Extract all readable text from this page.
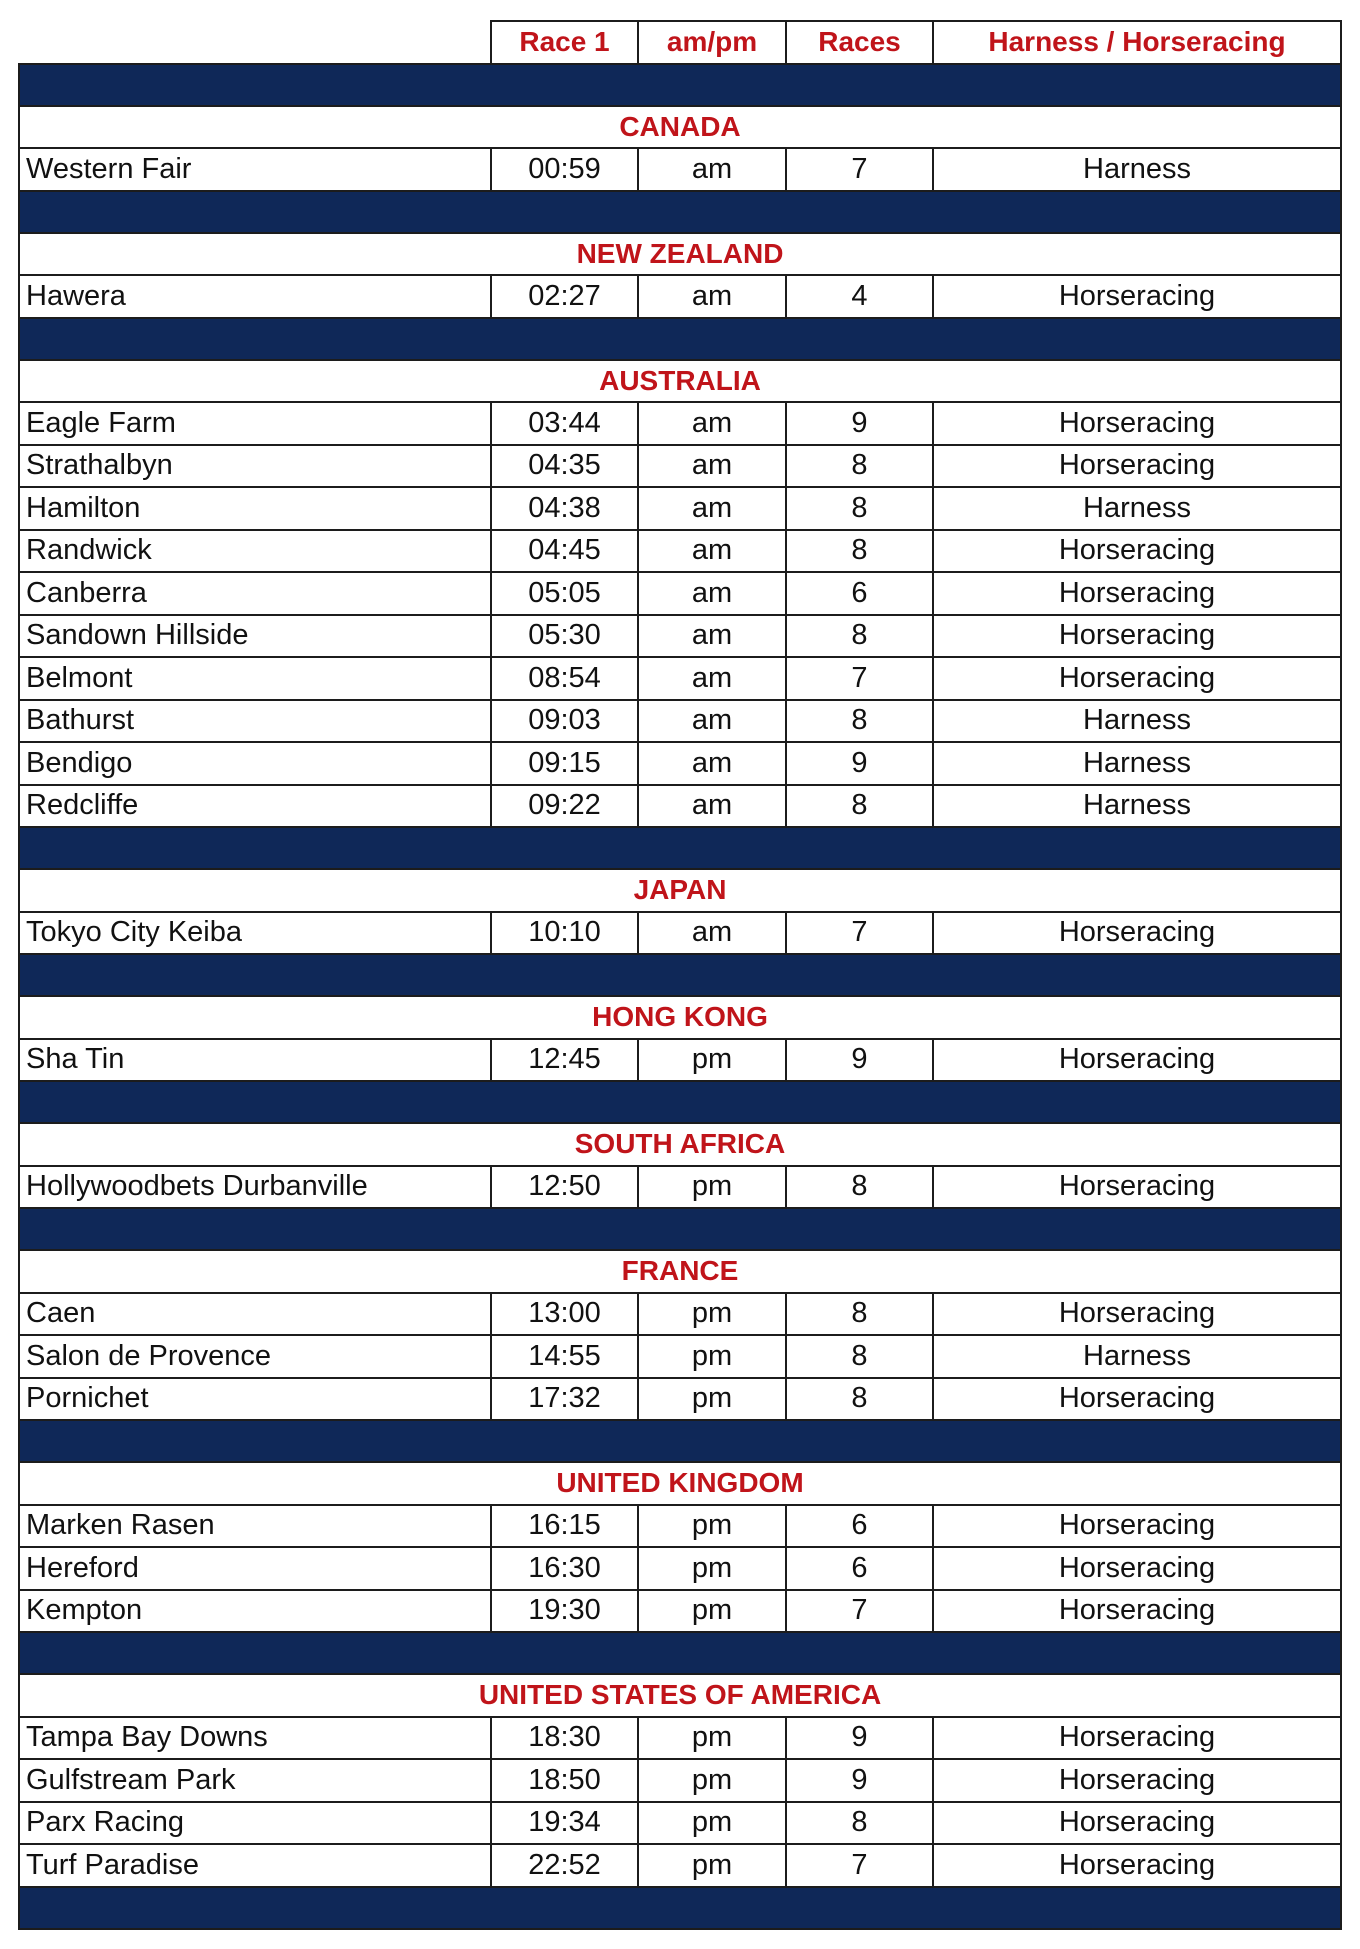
	Race 1	am/pm	Races	Harness / Horseracing

CANADA				
Western Fair	00:59	am	7	Harness

NEW ZEALAND				
Hawera	02:27	am	4	Horseracing

AUSTRALIA				
Eagle Farm	03:44	am	9	Horseracing
Strathalbyn	04:35	am	8	Horseracing
Hamilton	04:38	am	8	Harness
Randwick	04:45	am	8	Horseracing
Canberra	05:05	am	6	Horseracing
Sandown Hillside	05:30	am	8	Horseracing
Belmont	08:54	am	7	Horseracing
Bathurst	09:03	am	8	Harness
Bendigo	09:15	am	9	Harness
Redcliffe	09:22	am	8	Harness

JAPAN				
Tokyo City Keiba	10:10	am	7	Horseracing

HONG KONG				
Sha Tin	12:45	pm	9	Horseracing

SOUTH AFRICA				
Hollywoodbets Durbanville	12:50	pm	8	Horseracing

FRANCE				
Caen	13:00	pm	8	Horseracing
Salon de Provence	14:55	pm	8	Harness
Pornichet	17:32	pm	8	Horseracing

UNITED KINGDOM				
Marken Rasen	16:15	pm	6	Horseracing
Hereford	16:30	pm	6	Horseracing
Kempton	19:30	pm	7	Horseracing

UNITED STATES OF AMERICA				
Tampa Bay Downs	18:30	pm	9	Horseracing
Gulfstream Park	18:50	pm	9	Horseracing
Parx Racing	19:34	pm	8	Horseracing
Turf Paradise	22:52	pm	7	Horseracing
